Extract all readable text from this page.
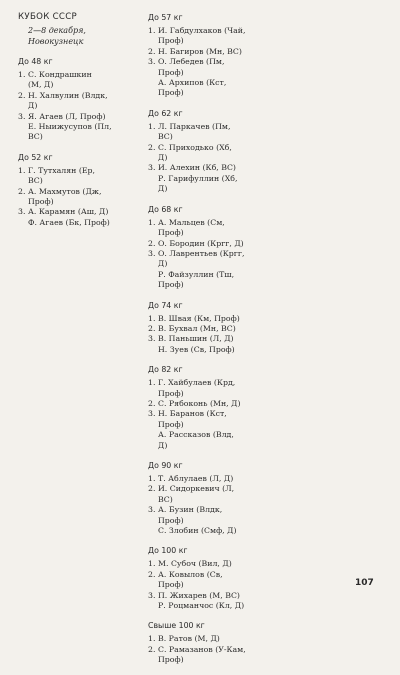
КУБОК СССР
2—8 декабря,
Новокузнецк
До 48 кг
1. С. Кондрашкин
(М, Д)
2. Н. Халвулин (Влдк,
Д)
3. Я. Агаев (Л, Проф)
Е. Ныижусупов (Пл,
ВС)
До 52 кг
1. Г. Тутхалян (Ер,
ВС)
2. А. Махмутов (Дж,
Проф)
3. А. Карамян (Аш, Д)
Ф. Агаев (Бк, Проф)
До 57 кг
1. И. Габдулхаков (Чай,
Проф)
2. Н. Багиров (Мн, ВС)
3. О. Лебедев (Пм,
Проф)
А. Архипов (Кст,
Проф)
До 62 кг
1. Л. Паркачев (Пм,
ВС)
2. С. Приходько (Хб,
Д)
3. И. Алехин (Кб, ВС)
Р. Гарифуллин (Хб,
Д)
До 68 кг
1. А. Мальцев (См,
Проф)
2. О. Бородин (Кргг, Д)
3. О. Лаврентьев (Кргг,
Д)
Р. Файзуллин (Тш,
Проф)
До 74 кг
1. В. Швая (Км, Проф)
2. В. Бухвал (Мн, ВС)
3. В. Паньшин (Л, Д)
Н. Зуев (Св, Проф)
До 82 кг
1. Г. Хайбулаев (Крд,
Проф)
2. С. Рябоконь (Мн, Д)
3. Н. Баранов (Кст,
Проф)
А. Рассказов (Влд,
Д)
До 90 кг
1. Т. Аблулаев (Л, Д)
2. И. Сидоркевич (Л,
ВС)
3. А. Бузин (Влдк,
Проф)
С. Злобин (Смф, Д)
До 100 кг
1. М. Субоч (Вил, Д)
2. А. Ковылов (Св,
Проф)
3. П. Жихарев (М, ВС)
Р. Роцманчос (Кл, Д)
Свыше 100 кг
1. В. Ратов (М, Д)
2. С. Рамазанов (У-Кам,
Проф)
107
